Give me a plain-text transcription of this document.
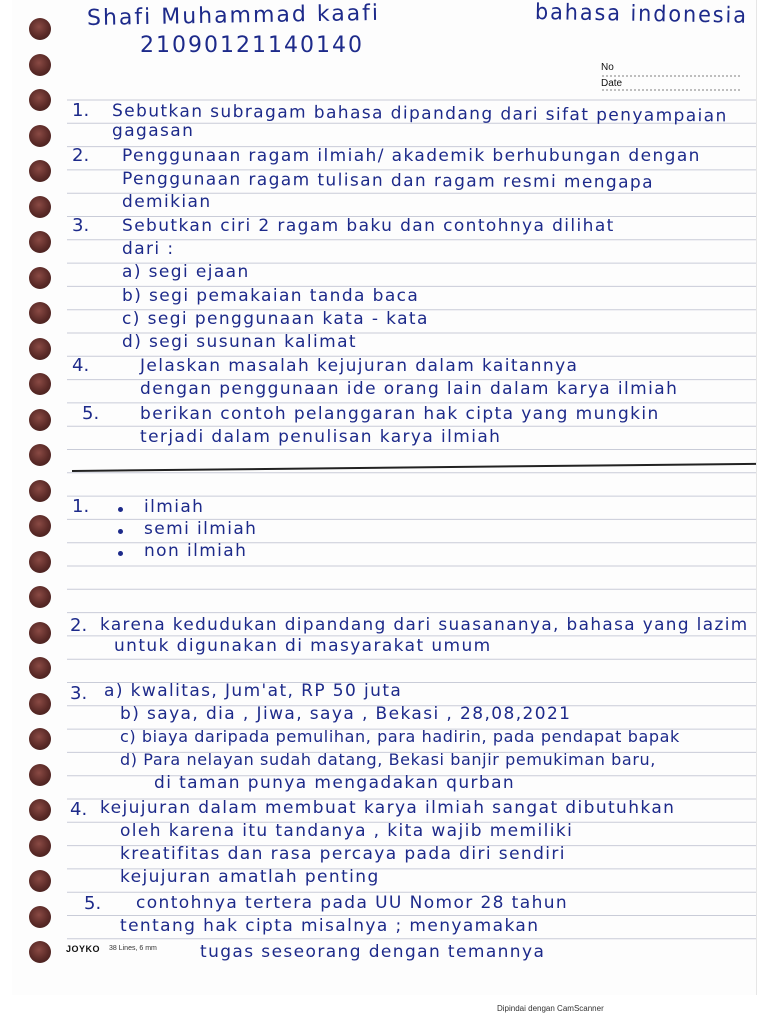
Shafi Muhammad kaafi
21090121140140
bahasa indonesia
No
Date
1. Sebutkan subragam bahasa dipandang dari sifat penyampaian
gagasan
2. Penggunaan ragam ilmiah/ akademik berhubungan dengan
Penggunaan ragam tulisan dan ragam resmi mengapa
demikian
3. Sebutkan ciri 2 ragam baku dan contohnya dilihat
dari :
a) segi ejaan
b) segi pemakaian tanda baca
c) segi penggunaan kata - kata
d) segi susunan kalimat
4.	Jelaskan masalah kejujuran dalam kaitannya
dengan penggunaan ide orang lain dalam karya ilmiah
5. berikan contoh pelanggaran hak cipta yang mungkin
terjadi dalam penulisan karya ilmiah
1.	ilmiah
semi ilmiah
non ilmiah
2. karena kedudukan dipandang dari suasananya, bahasa yang lazim
untuk digunakan di masyarakat umum
3. a) kwalitas, Jum'at, RP 50 juta
b) saya, dia , Jiwa, saya , Bekasi , 28,08,2021
c) biaya daripada pemulihan, para hadirin, pada pendapat bapak
d) Para nelayan sudah datang, Bekasi banjir pemukiman baru,
di taman punya mengadakan qurban
4. kejujuran dalam membuat karya ilmiah sangat dibutuhkan
oleh karena itu tandanya , kita wajib memiliki
kreatifitas dan rasa percaya pada diri sendiri
kejujuran amatlah penting
5. contohnya tertera pada UU Nomor 28 tahun
tentang hak cipta misalnya ; menyamakan
tugas seseorang dengan temannya
JOYKO 38 Lines, 6 mm
Dipindai dengan CamScanner
